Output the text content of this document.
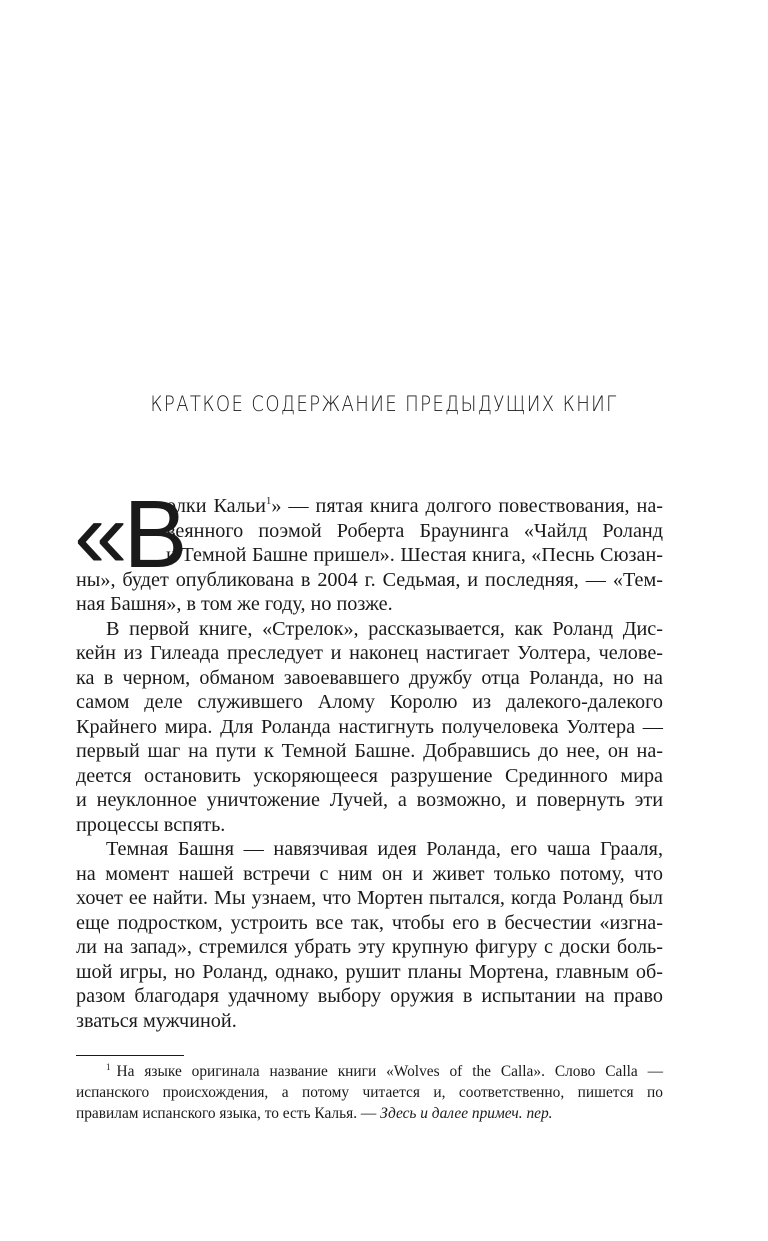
КРАТКОЕ СОДЕРЖАНИЕ ПРЕДЫДУЩИХ КНИГ
«В
олки Кальи$^1$» — пятая книга долгого повествования, на-
веянного поэмой Роберта Браунинга «Чайлд Роланд
к Темной Башне пришел». Шестая книга, «Песнь Сюзан-
ны», будет опубликована в 2004 г. Седьмая, и последняя, — «Тем-
ная Башня», в том же году, но позже.
В первой книге, «Стрелок», рассказывается, как Роланд Дис-
кейн из Гилеада преследует и наконец настигает Уолтера, челове-
ка в черном, обманом завоевавшего дружбу отца Роланда, но на
самом деле служившего Алому Королю из далекого-далекого
Крайнего мира. Для Роланда настигнуть получеловека Уолтера —
первый шаг на пути к Темной Башне. Добравшись до нее, он на-
деется остановить ускоряющееся разрушение Срединного мира
и неуклонное уничтожение Лучей, а возможно, и повернуть эти
процессы вспять.
Темная Башня — навязчивая идея Роланда, его чаша Грааля,
на момент нашей встречи с ним он и живет только потому, что
хочет ее найти. Мы узнаем, что Мортен пытался, когда Роланд был
еще подростком, устроить все так, чтобы его в бесчестии «изгна-
ли на запад», стремился убрать эту крупную фигуру с доски боль-
шой игры, но Роланд, однако, рушит планы Мортена, главным об-
разом благодаря удачному выбору оружия в испытании на право
зваться мужчиной.
$^1$ На языке оригинала название книги «Wolves of the Calla». Слово Calla —
испанского происхождения, а потому читается и, соответственно, пишется по
правилам испанского языка, то есть Калья. — Здесь и далее примеч. пер.
